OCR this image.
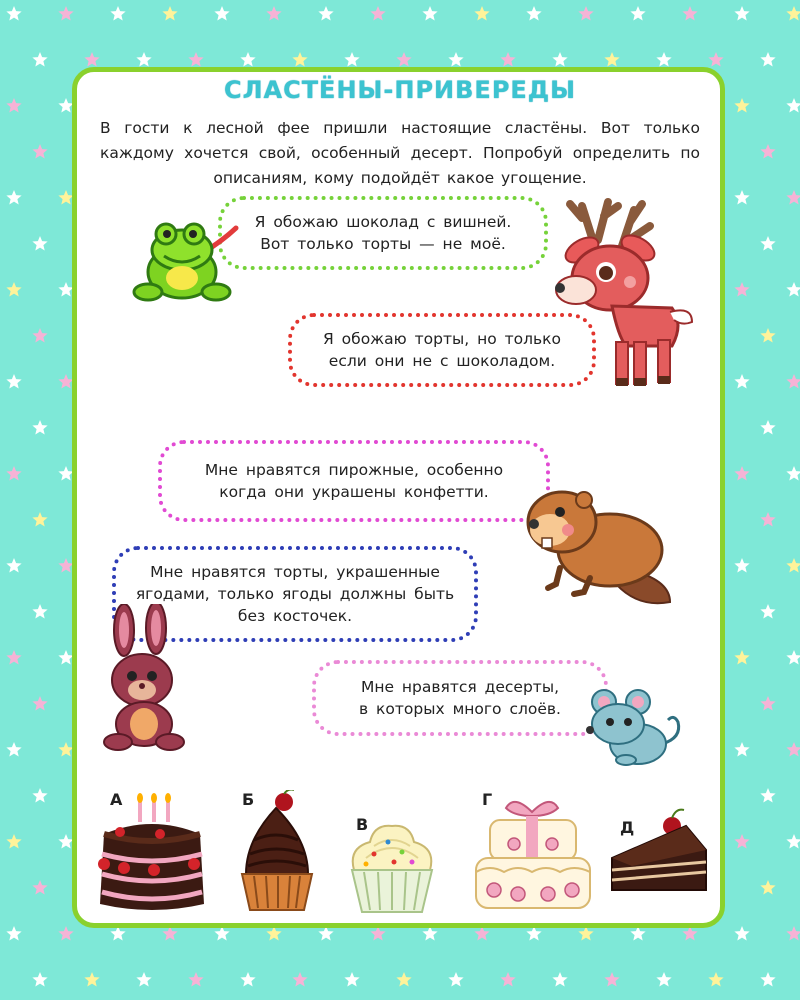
СЛАСТЁНЫ-ПРИВЕРЕДЫ
В гости к лесной фее пришли настоящие сластёны. Вот только каждому хочется свой, особенный десерт. Попробуй определить по описаниям, кому подойдёт какое угощение.
Я обожаю шоколад с вишней.
Вот только торты — не моё.
Я обожаю торты, но только
если они не с шоколадом.
Мне нравятся пирожные, особенно
когда они украшены конфетти.
Мне нравятся торты, украшенные
ягодами, только ягоды должны быть
без косточек.
Мне нравятся десерты,
в которых много слоёв.
А	Б
В
Г
Д
